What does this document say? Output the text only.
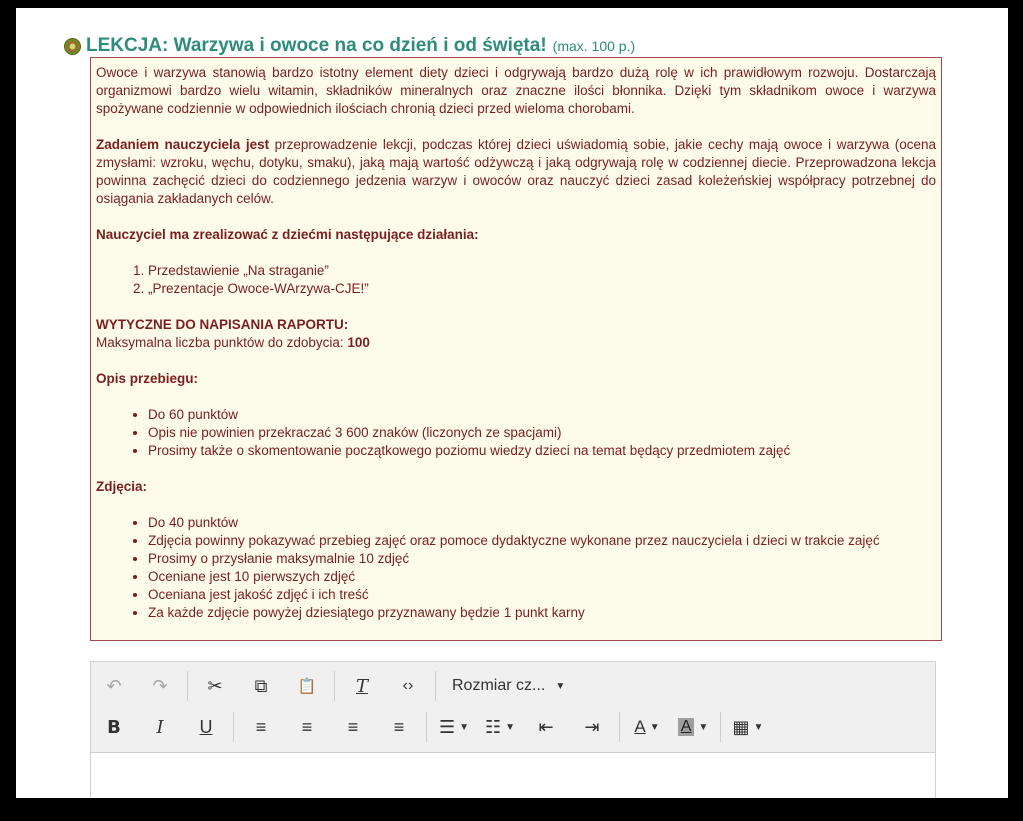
LEKCJA: Warzywa i owoce na co dzień i od święta! (max. 100 p.)

Owoce i warzywa stanowią bardzo istotny element diety dzieci i odgrywają bardzo dużą rolę w ich prawidłowym rozwoju. Dostarczają organizmowi bardzo wielu witamin, składników mineralnych oraz znaczne ilości błonnika. Dzięki tym składnikom owoce i warzywa spożywane codziennie w odpowiednich ilościach chronią dzieci przed wieloma chorobami.

Zadaniem nauczyciela jest przeprowadzenie lekcji, podczas której dzieci uświadomią sobie, jakie cechy mają owoce i warzywa (ocena zmysłami: wzroku, węchu, dotyku, smaku), jaką mają wartość odżywczą i jaką odgrywają rolę w codziennej diecie. Przeprowadzona lekcja powinna zachęcić dzieci do codziennego jedzenia warzyw i owoców oraz nauczyć dzieci zasad koleżeńskiej współpracy potrzebnej do osiągania zakładanych celów.

Nauczyciel ma zrealizować z dziećmi następujące działania:

1. Przedstawienie „Na straganie”
2. „Prezentacje Owoce-WArzywa-CJE!”

WYTYCZNE DO NAPISANIA RAPORTU:

Maksymalna liczba punktów do zdobycia: 100

Opis przebiegu:

• Do 60 punktów
• Opis nie powinien przekraczać 3 600 znaków (liczonych ze spacjami)
• Prosimy także o skomentowanie początkowego poziomu wiedzy dzieci na temat będący przedmiotem zajęć

Zdjęcia:

• Do 40 punktów
• Zdjęcia powinny pokazywać przebieg zajęć oraz pomoce dydaktyczne wykonane przez nauczyciela i dzieci w trakcie zajęć
• Prosimy o przysłanie maksymalnie 10 zdjęć
• Oceniane jest 10 pierwszych zdjęć
• Oceniana jest jakość zdjęć i ich treść
• Za każde zdjęcie powyżej dziesiątego przyznawany będzie 1 punkt karny
↶ ↷ ✂ ⧉ 📋 T ‹› Rozmiar cz... ▼
B I U ≡ ≡ ≡ ≡ ☰ ▼ ☷ ▼ ⇤ ⇥ A ▼ A ▼ ▦ ▼
